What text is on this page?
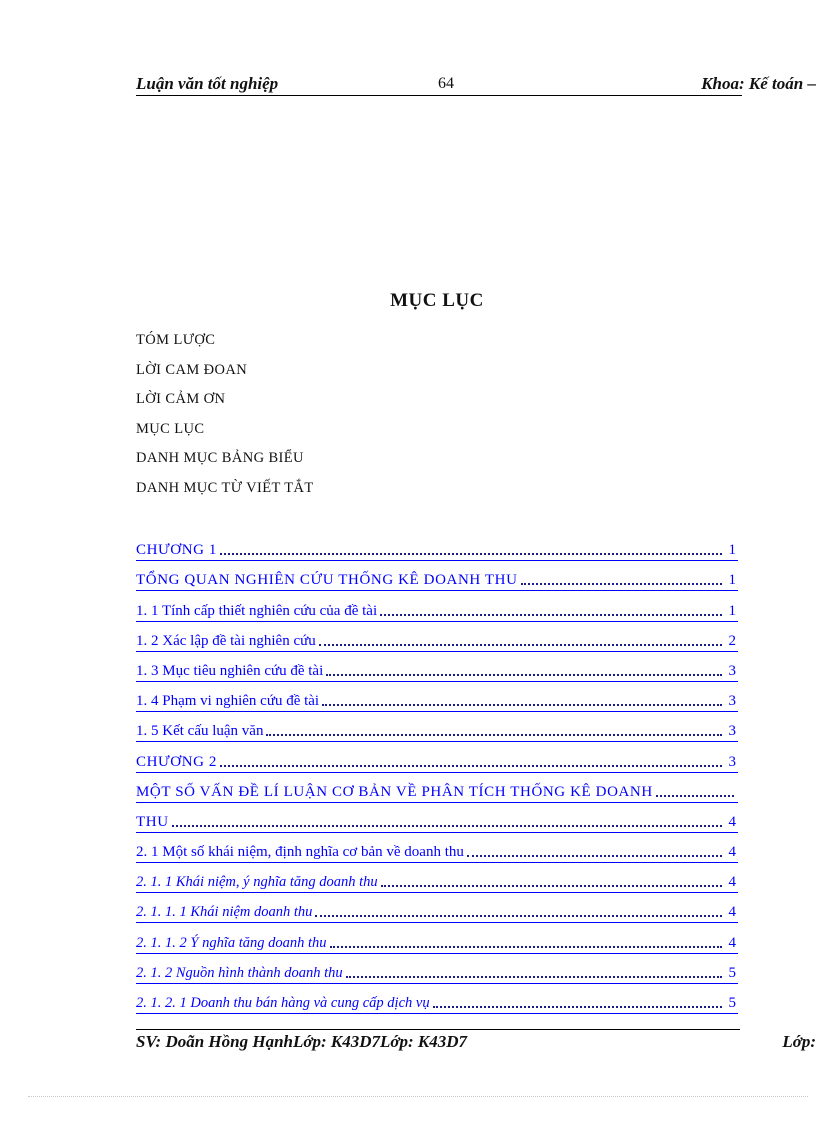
Luận văn tốt nghiệp	64	Khoa: Kế toán –
MỤC LỤC
TÓM LƯỢC
LỜI CAM ĐOAN
LỜI CẢM ƠN
MỤC LỤC
DANH MỤC BẢNG BIỂU
DANH MỤC TỪ VIẾT TẮT
CHƯƠNG 1	1
TỔNG QUAN NGHIÊN CỨU THỐNG KÊ DOANH THU	1
1. 1 Tính cấp thiết nghiên cứu của đề tài	1
1. 2 Xác lập đề tài nghiên cứu	2
1. 3 Mục tiêu nghiên cứu đề tài	3
1. 4 Phạm vi nghiên cứu đề tài	3
1. 5 Kết cấu luận văn	3
CHƯƠNG 2	3
MỘT SỐ VẤN ĐỀ LÍ LUẬN CƠ BẢN VỀ PHÂN TÍCH THỐNG KÊ DOANH
THU	4
2. 1 Một số khái niệm, định nghĩa cơ bản về doanh thu	4
2. 1. 1 Khái niệm, ý nghĩa tăng doanh thu	4
2. 1. 1. 1 Khái niệm doanh thu	4
2. 1. 1. 2 Ý nghĩa tăng doanh thu	4
2. 1. 2 Nguồn hình thành doanh thu	5
2. 1. 2. 1 Doanh thu bán hàng và cung cấp dịch vụ	5
SV: Doãn Hồng HạnhLớp: K43D7Lớp: K43D7	Lớp:
